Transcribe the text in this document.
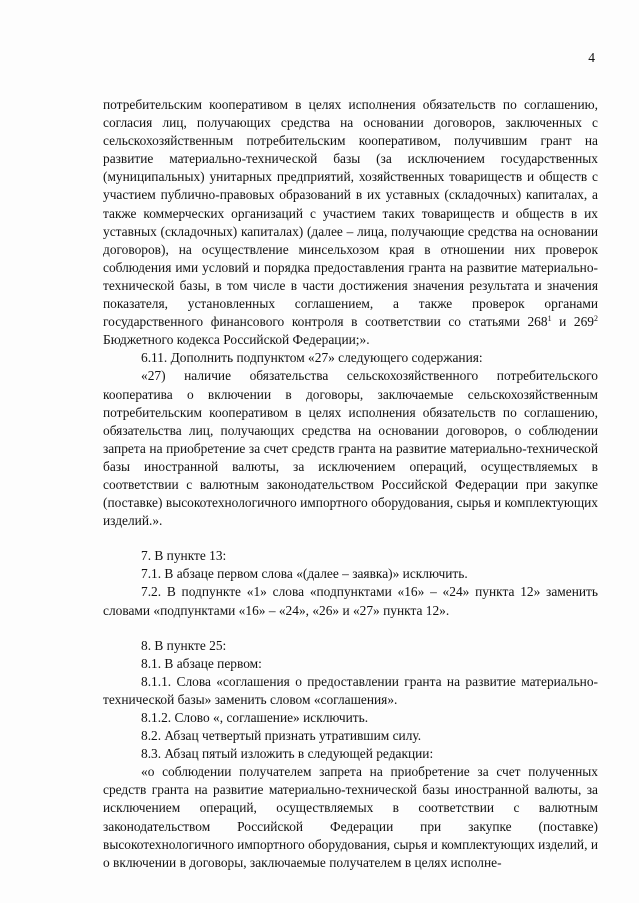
4

потребительским кооперативом в целях исполнения обязательств по соглашению, согласия лиц, получающих средства на основании договоров, заключенных с сельскохозяйственным потребительским кооперативом, получившим грант на развитие материально-технической базы (за исключением государственных (муниципальных) унитарных предприятий, хозяйственных товариществ и обществ с участием публично-правовых образований в их уставных (складочных) капиталах, а также коммерческих организаций с участием таких товариществ и обществ в их уставных (складочных) капиталах) (далее – лица, получающие средства на основании договоров), на осуществление минсельхозом края в отношении них проверок соблюдения ими условий и порядка предоставления гранта на развитие материально-технической базы, в том числе в части достижения значения результата и значения показателя, установленных соглашением, а также проверок органами государственного финансового контроля в соответствии со статьями $268^1$ и $269^2$ Бюджетного кодекса Российской Федерации;».

6.11. Дополнить подпунктом «27» следующего содержания:

«27) наличие обязательства сельскохозяйственного потребительского кооператива о включении в договоры, заключаемые сельскохозяйственным потребительским кооперативом в целях исполнения обязательств по соглашению, обязательства лиц, получающих средства на основании договоров, о соблюдении запрета на приобретение за счет средств гранта на развитие материально-технической базы иностранной валюты, за исключением операций, осуществляемых в соответствии с валютным законодательством Российской Федерации при закупке (поставке) высокотехнологичного импортного оборудования, сырья и комплектующих изделий.».

7. В пункте 13:

7.1. В абзаце первом слова «(далее – заявка)» исключить.

7.2. В подпункте «1» слова «подпунктами «16» – «24» пункта 12» заменить словами «подпунктами «16» – «24», «26» и «27» пункта 12».

8. В пункте 25:

8.1. В абзаце первом:

8.1.1. Слова «соглашения о предоставлении гранта на развитие материально-технической базы» заменить словом «соглашения».

8.1.2. Слово «, соглашение» исключить.

8.2. Абзац четвертый признать утратившим силу.

8.3. Абзац пятый изложить в следующей редакции:

«о соблюдении получателем запрета на приобретение за счет полученных средств гранта на развитие материально-технической базы иностранной валюты, за исключением операций, осуществляемых в соответствии с валютным законодательством Российской Федерации при закупке (поставке) высокотехнологичного импортного оборудования, сырья и комплектующих изделий, и о включении в договоры, заключаемые получателем в целях исполне-
